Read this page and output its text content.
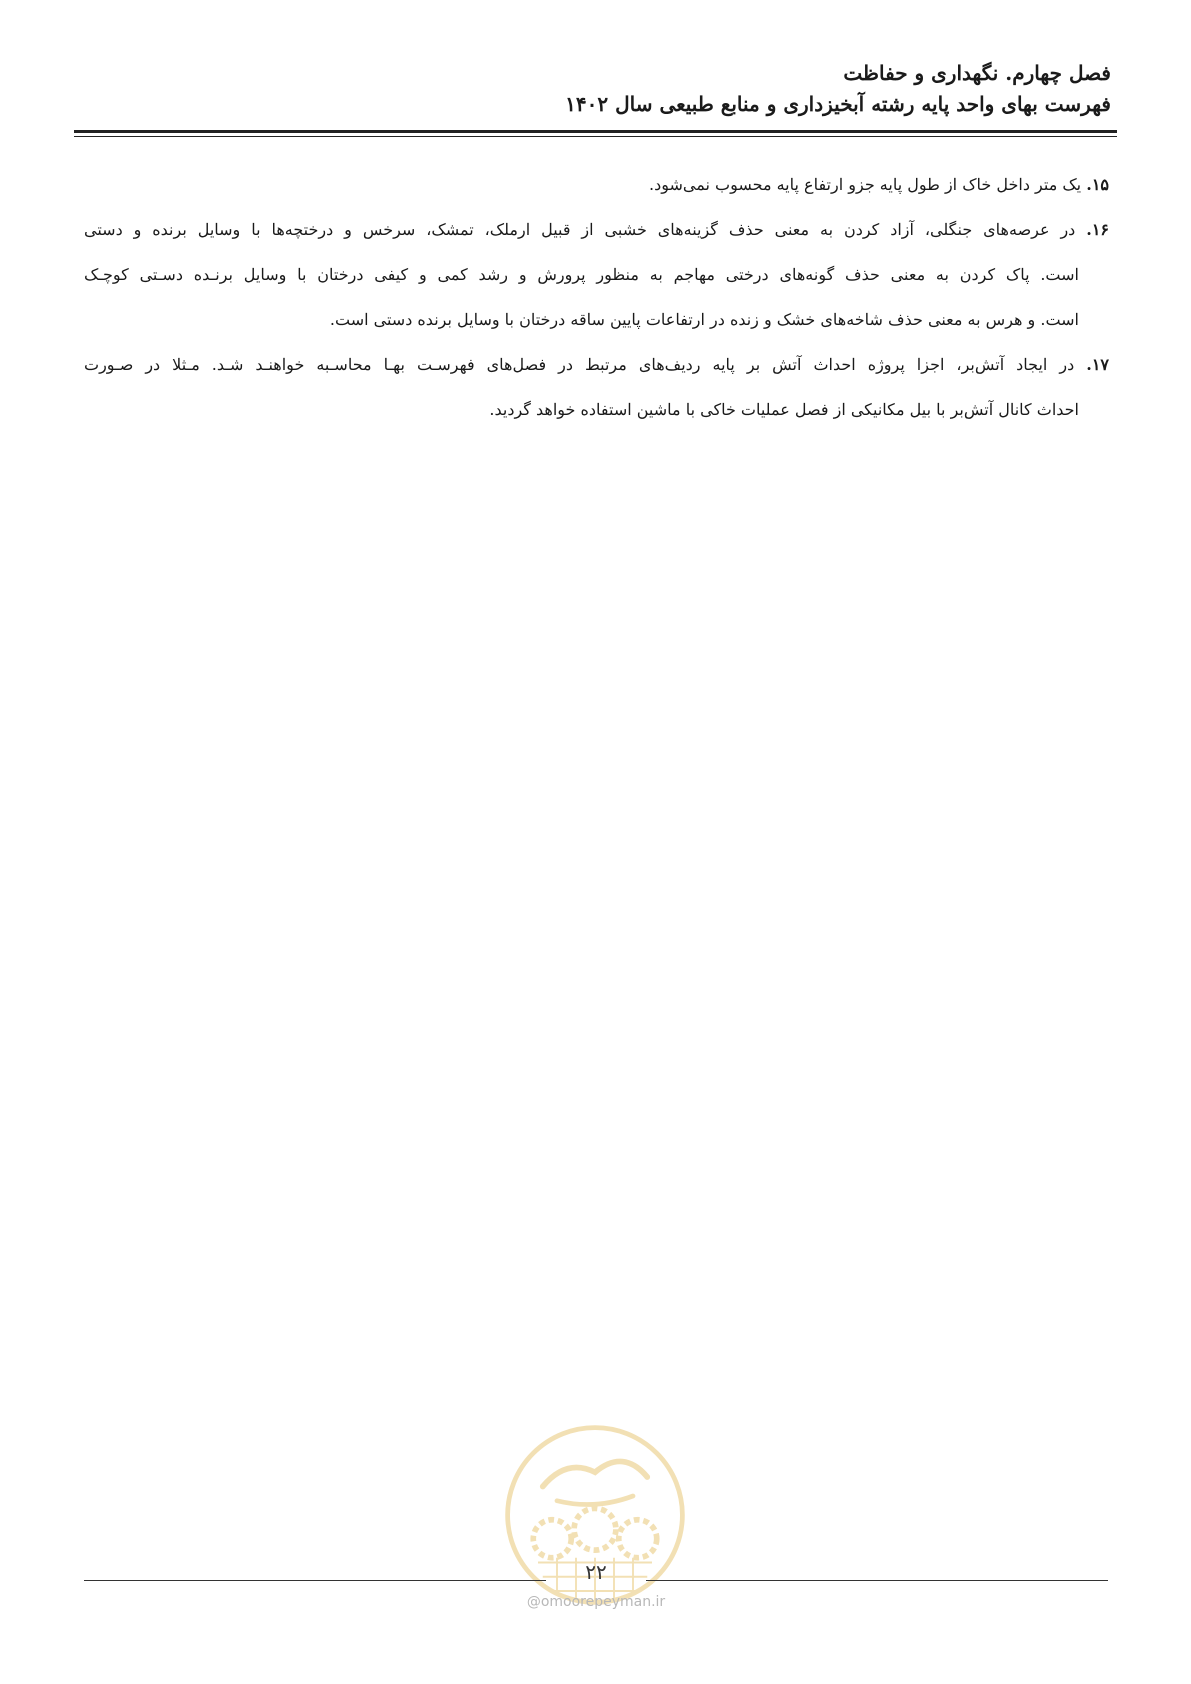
فصل چهارم. نگهداری و حفاظت
فهرست بهای واحد پایه رشته آبخیزداری و منابع طبیعی سال ۱۴۰۲
۱۵. یک متر داخل خاک از طول پایه جزو ارتفاع پایه محسوب نمی‌شود.
۱۶. در عرصه‌های جنگلی، آزاد کردن به معنی حذف گزینه‌های خشبی از قبیل ارملک، تمشک، سرخس و درختچه‌ها با وسایل برنده و دستی
است. پاک کردن به معنی حذف گونه‌های درختی مهاجم به منظور پرورش و رشد کمی و کیفی درختان با وسایل برنـده دسـتی کوچـک
است. و هرس به معنی حذف شاخه‌های خشک و زنده در ارتفاعات پایین ساقه درختان با وسایل برنده دستی است.
۱۷. در ایجاد آتش‌بر، اجزا پروژه احداث آتش بر پایه ردیف‌های مرتبط در فصل‌های فهرسـت بهـا محاسـبه خواهنـد شـد. مـثلا در صـورت
احداث کانال آتش‌بر با بیل مکانیکی از فصل عملیات خاکی با ماشین استفاده خواهد گردید.
۲۲
@omoorepeyman.ir
